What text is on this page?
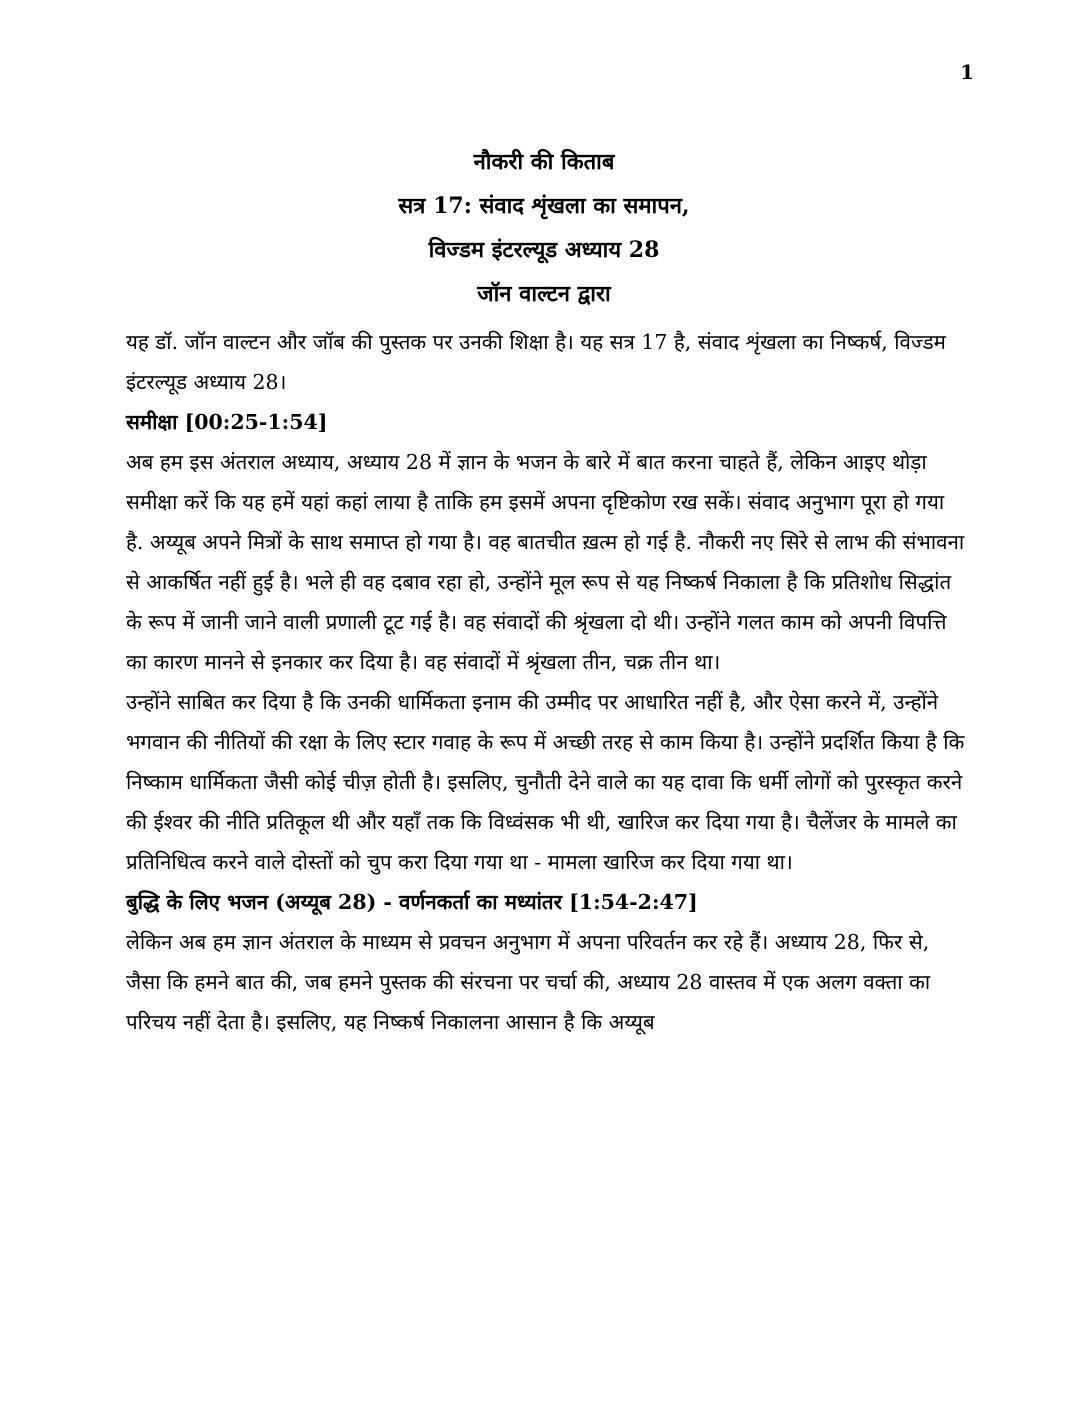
1
नौकरी की किताब
सत्र 17: संवाद शृंखला का समापन,
विज्डम इंटरल्यूड अध्याय 28
जॉन वाल्टन द्वारा

यह डॉ. जॉन वाल्टन और जॉब की पुस्तक पर उनकी शिक्षा है। यह सत्र 17 है, संवाद शृंखला का निष्कर्ष, विज्डम इंटरल्यूड अध्याय 28।

समीक्षा [00:25-1:54]

अब हम इस अंतराल अध्याय, अध्याय 28 में ज्ञान के भजन के बारे में बात करना चाहते हैं, लेकिन आइए थोड़ा समीक्षा करें कि यह हमें यहां कहां लाया है ताकि हम इसमें अपना दृष्टिकोण रख सकें। संवाद अनुभाग पूरा हो गया है. अय्यूब अपने मित्रों के साथ समाप्त हो गया है। वह बातचीत ख़त्म हो गई है. नौकरी नए सिरे से लाभ की संभावना से आकर्षित नहीं हुई है। भले ही वह दबाव रहा हो, उन्होंने मूल रूप से यह निष्कर्ष निकाला है कि प्रतिशोध सिद्धांत के रूप में जानी जाने वाली प्रणाली टूट गई है। वह संवादों की श्रृंखला दो थी। उन्होंने गलत काम को अपनी विपत्ति का कारण मानने से इनकार कर दिया है। वह संवादों में श्रृंखला तीन, चक्र तीन था।

उन्होंने साबित कर दिया है कि उनकी धार्मिकता इनाम की उम्मीद पर आधारित नहीं है, और ऐसा करने में, उन्होंने भगवान की नीतियों की रक्षा के लिए स्टार गवाह के रूप में अच्छी तरह से काम किया है। उन्होंने प्रदर्शित किया है कि निष्काम धार्मिकता जैसी कोई चीज़ होती है। इसलिए, चुनौती देने वाले का यह दावा कि धर्मी लोगों को पुरस्कृत करने की ईश्वर की नीति प्रतिकूल थी और यहाँ तक कि विध्वंसक भी थी, खारिज कर दिया गया है। चैलेंजर के मामले का प्रतिनिधित्व करने वाले दोस्तों को चुप करा दिया गया था - मामला खारिज कर दिया गया था।

बुद्धि के लिए भजन (अय्यूब 28) - वर्णनकर्ता का मध्यांतर [1:54-2:47]

लेकिन अब हम ज्ञान अंतराल के माध्यम से प्रवचन अनुभाग में अपना परिवर्तन कर रहे हैं। अध्याय 28, फिर से, जैसा कि हमने बात की, जब हमने पुस्तक की संरचना पर चर्चा की, अध्याय 28 वास्तव में एक अलग वक्ता का परिचय नहीं देता है। इसलिए, यह निष्कर्ष निकालना आसान है कि अय्यूब
